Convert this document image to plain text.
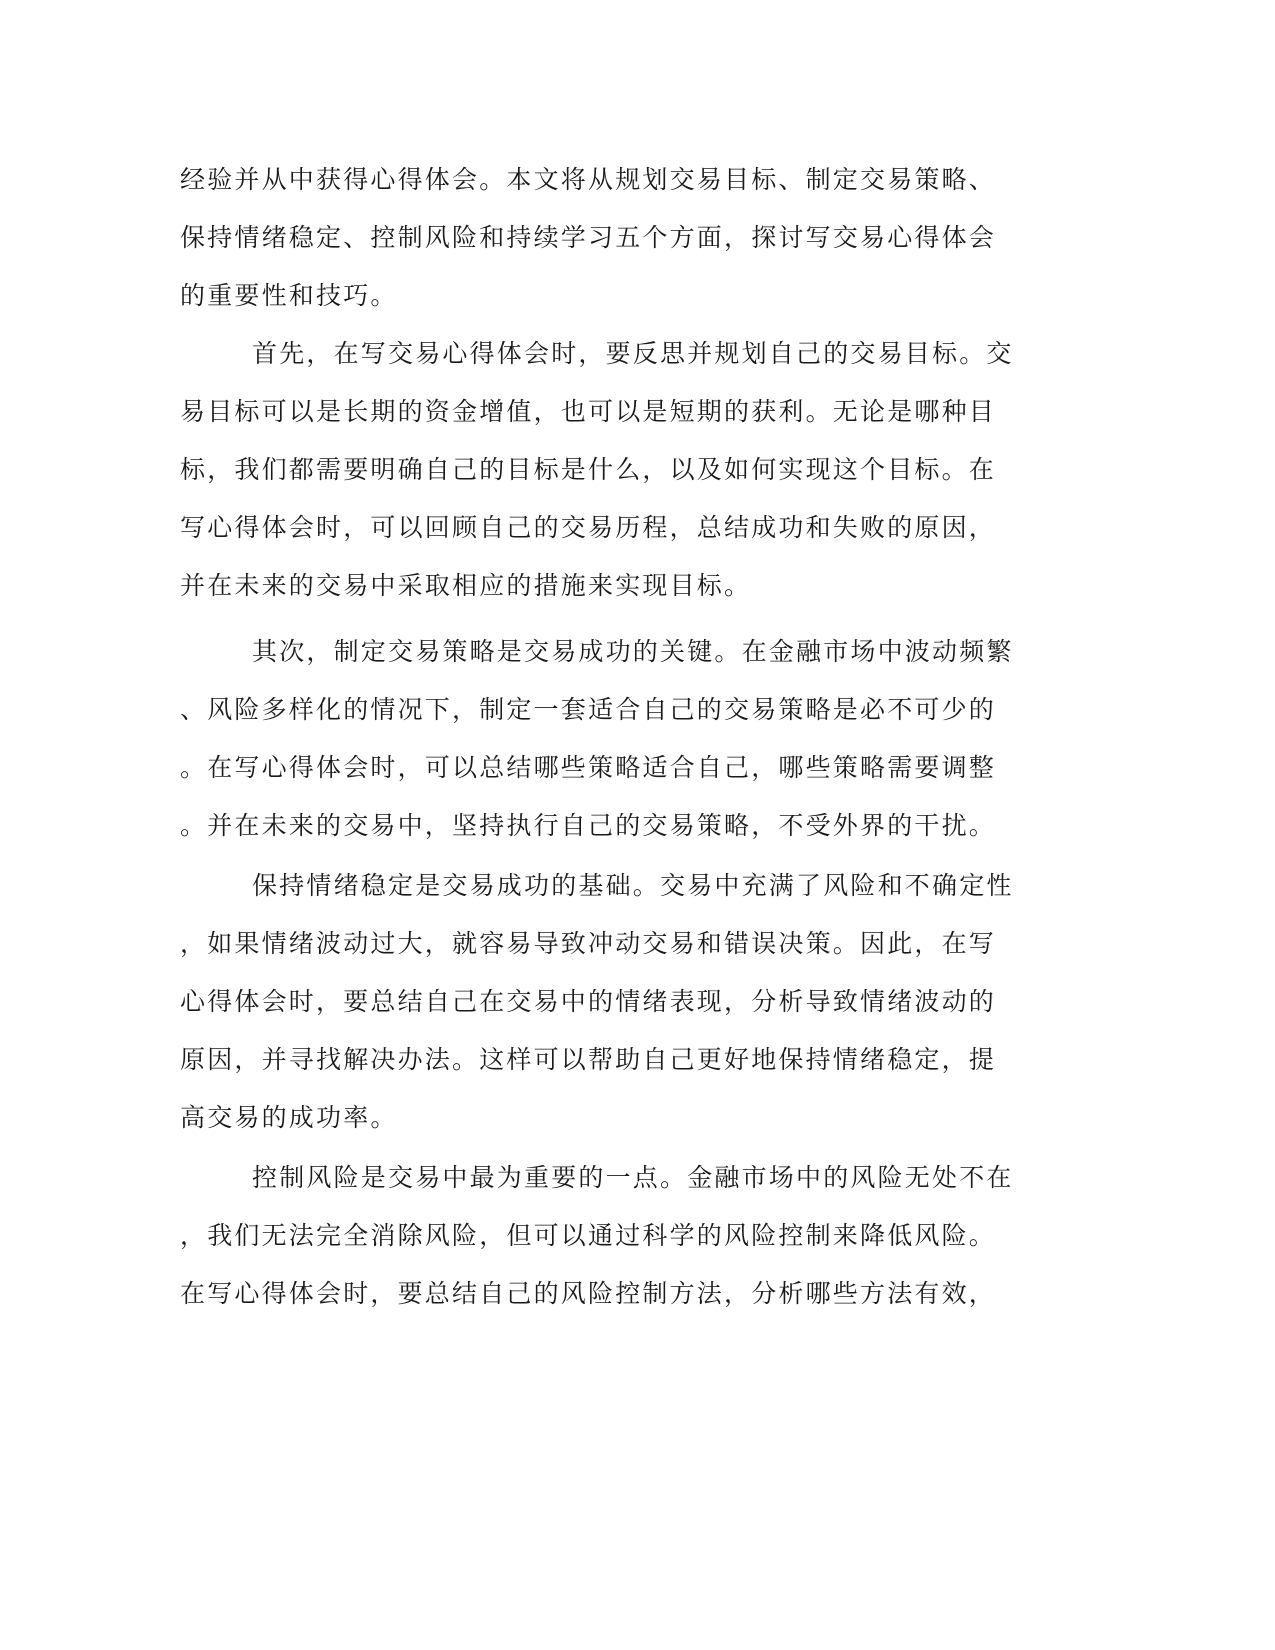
经验并从中获得心得体会。本文将从规划交易目标、制定交易策略、
保持情绪稳定、控制风险和持续学习五个方面，探讨写交易心得体会
的重要性和技巧。
首先，在写交易心得体会时，要反思并规划自己的交易目标。交
易目标可以是长期的资金增值，也可以是短期的获利。无论是哪种目
标，我们都需要明确自己的目标是什么，以及如何实现这个目标。在
写心得体会时，可以回顾自己的交易历程，总结成功和失败的原因，
并在未来的交易中采取相应的措施来实现目标。
其次，制定交易策略是交易成功的关键。在金融市场中波动频繁
、风险多样化的情况下，制定一套适合自己的交易策略是必不可少的
。在写心得体会时，可以总结哪些策略适合自己，哪些策略需要调整
。并在未来的交易中，坚持执行自己的交易策略，不受外界的干扰。
保持情绪稳定是交易成功的基础。交易中充满了风险和不确定性
，如果情绪波动过大，就容易导致冲动交易和错误决策。因此，在写
心得体会时，要总结自己在交易中的情绪表现，分析导致情绪波动的
原因，并寻找解决办法。这样可以帮助自己更好地保持情绪稳定，提
高交易的成功率。
控制风险是交易中最为重要的一点。金融市场中的风险无处不在
，我们无法完全消除风险，但可以通过科学的风险控制来降低风险。
在写心得体会时，要总结自己的风险控制方法，分析哪些方法有效，
